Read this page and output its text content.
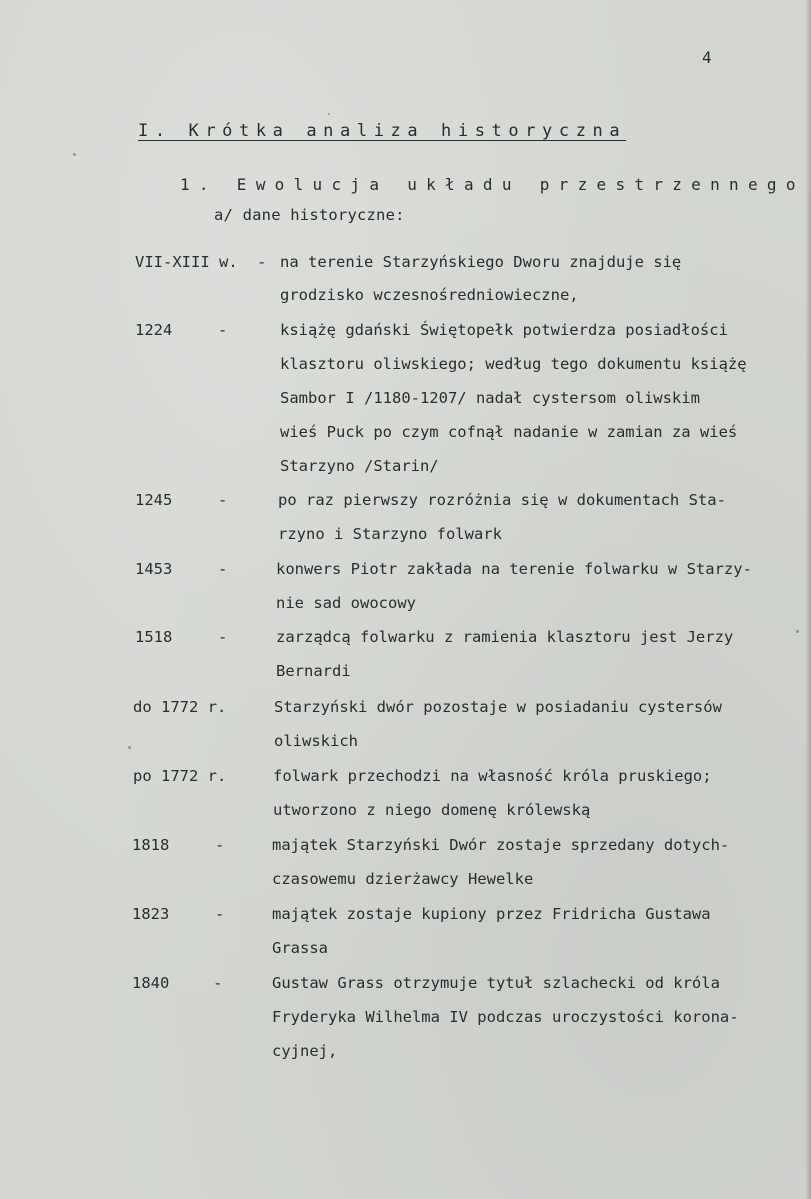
4
I. Krótka analiza historyczna
1. Ewolucja układu przestrzennego
a/ dane historyczne:
VII-XIII w. - na terenie Starzyńskiego Dworu znajduje się
grodzisko wczesnośredniowieczne,
1224	-	książę gdański Świętopełk potwierdza posiadłości
klasztoru oliwskiego; według tego dokumentu książę
Sambor I /1180-1207/ nadał cystersom oliwskim
wieś Puck po czym cofnął nadanie w zamian za wieś
Starzyno /Starin/
1245	-	po raz pierwszy rozróżnia się w dokumentach Sta-
rzyno i Starzyno folwark
1453	-	konwers Piotr zakłada na terenie folwarku w Starzy-
nie sad owocowy
1518	-	zarządcą folwarku z ramienia klasztoru jest Jerzy
Bernardi
do 1772 r.	Starzyński dwór pozostaje w posiadaniu cystersów
oliwskich
po 1772 r.	folwark przechodzi na własność króla pruskiego;
utworzono z niego domenę królewską
1818	-	majątek Starzyński Dwór zostaje sprzedany dotych-
czasowemu dzierżawcy Hewelke
1823	-	majątek zostaje kupiony przez Fridricha Gustawa
Grassa
1840	-	Gustaw Grass otrzymuje tytuł szlachecki od króla
Fryderyka Wilhelma IV podczas uroczystości korona-
cyjnej,
